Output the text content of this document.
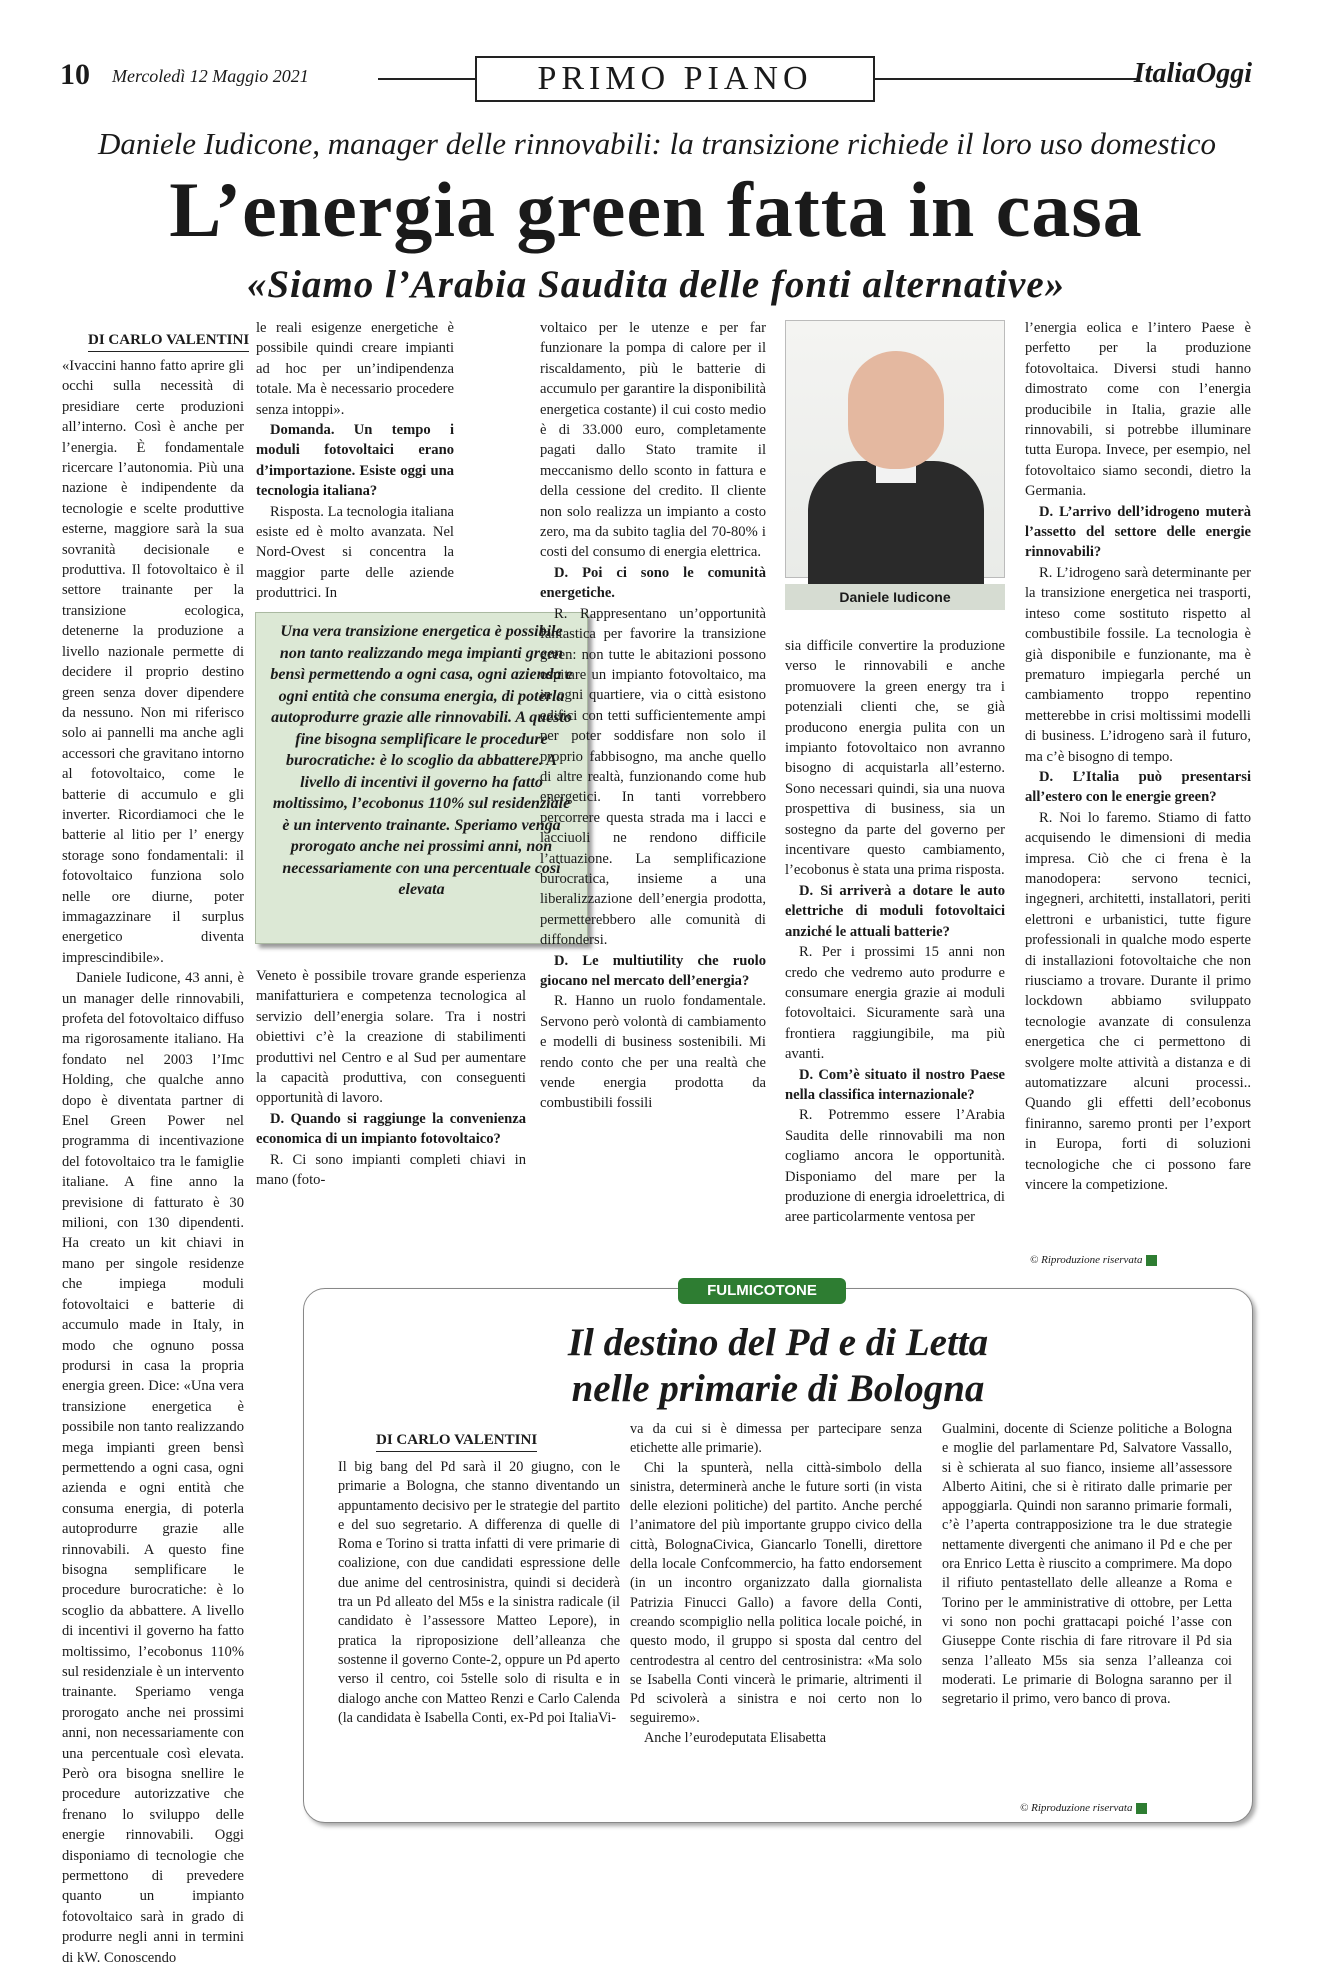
10 Mercoledì 12 Maggio 2021	PRIMO PIANO	ItaliaOggi
Daniele Iudicone, manager delle rinnovabili: la transizione richiede il loro uso domestico
L’energia green fatta in casa
«Siamo l’Arabia Saudita delle fonti alternative»
DI CARLO VALENTINI

«Ivaccini hanno fatto aprire gli occhi sulla necessità di presidiare certe produzioni all’interno. Così è anche per l’energia. È fondamentale ricercare l’autonomia. Più una nazione è indipendente da tecnologie e scelte produttive esterne, maggiore sarà la sua sovranità decisionale e produttiva. Il fotovoltaico è il settore trainante per la transizione ecologica, detenerne la produzione a livello nazionale permette di decidere il proprio destino green senza dover dipendere da nessuno. Non mi riferisco solo ai pannelli ma anche agli accessori che gravitano intorno al fotovoltaico, come le batterie di accumulo e gli inverter. Ricordiamoci che le batterie al litio per l’ energy storage sono fondamentali: il fotovoltaico funziona solo nelle ore diurne, poter immagazzinare il surplus energetico diventa imprescindibile».

Daniele Iudicone, 43 anni, è un manager delle rinnovabili, profeta del fotovoltaico diffuso ma rigorosamente italiano. Ha fondato nel 2003 l’Imc Holding, che qualche anno dopo è diventata partner di Enel Green Power nel programma di incentivazione del fotovoltaico tra le famiglie italiane. A fine anno la previsione di fatturato è 30 milioni, con 130 dipendenti. Ha creato un kit chiavi in mano per singole residenze che impiega moduli fotovoltaici e batterie di accumulo made in Italy, in modo che ognuno possa prodursi in casa la propria energia green. Dice: «Una vera transizione energetica è possibile non tanto realizzando mega impianti green bensì permettendo a ogni casa, ogni azienda e ogni entità che consuma energia, di poterla autoprodurre grazie alle rinnovabili. A questo fine bisogna semplificare le procedure burocratiche: è lo scoglio da abbattere. A livello di incentivi il governo ha fatto moltissimo, l’ecobonus 110% sul residenziale è un intervento trainante. Speriamo venga prorogato anche nei prossimi anni, non necessariamente con una percentuale così elevata. Però ora bisogna snellire le procedure autorizzative che frenano lo sviluppo delle energie rinnovabili. Oggi disponiamo di tecnologie che permettono di prevedere quanto un impianto fotovoltaico sarà in grado di produrre negli anni in termini di kW. Conoscendo

le reali esigenze energetiche è possibile quindi creare impianti ad hoc per un’indipendenza totale. Ma è necessario procedere senza intoppi».

Domanda. Un tempo i moduli fotovoltaici erano d’importazione. Esiste oggi una tecnologia italiana?

Risposta. La tecnologia italiana esiste ed è molto avanzata. Nel Nord-Ovest si concentra la maggior parte delle aziende produttrici. In

Una vera transizione energetica è possibile non tanto realizzando mega impianti green bensì permettendo a ogni casa, ogni azienda e ogni entità che consuma energia, di poterla autoprodurre grazie alle rinnovabili. A questo fine bisogna semplificare le procedure burocratiche: è lo scoglio da abbattere. A livello di incentivi il governo ha fatto moltissimo, l’ecobonus 110% sul residenziale è un intervento trainante. Speriamo venga prorogato anche nei prossimi anni, non necessariamente con una percentuale così elevata

Veneto è possibile trovare grande esperienza manifatturiera e competenza tecnologica al servizio dell’energia solare. Tra i nostri obiettivi c’è la creazione di stabilimenti produttivi nel Centro e al Sud per aumentare la capacità produttiva, con conseguenti opportunità di lavoro.

D. Quando si raggiunge la convenienza economica di un impianto fotovoltaico?

R. Ci sono impianti completi chiavi in mano (foto-

voltaico per le utenze e per far funzionare la pompa di calore per il riscaldamento, più le batterie di accumulo per garantire la disponibilità energetica costante) il cui costo medio è di 33.000 euro, completamente pagati dallo Stato tramite il meccanismo dello sconto in fattura e della cessione del credito. Il cliente non solo realizza un impianto a costo zero, ma da subito taglia del 70-80% i costi del consumo di energia elettrica.

D. Poi ci sono le comunità energetiche.

R. Rappresentano un’opportunità fantastica per favorire la transizione green: non tutte le abitazioni possono ospitare un impianto fotovoltaico, ma in ogni quartiere, via o città esistono edifici con tetti sufficientemente ampi per poter soddisfare non solo il proprio fabbisogno, ma anche quello di altre realtà, funzionando come hub energetici. In tanti vorrebbero percorrere questa strada ma i lacci e lacciuoli ne rendono difficile l’attuazione. La semplificazione burocratica, insieme a una liberalizzazione dell’energia prodotta, permetterebbero alle comunità di diffondersi.

D. Le multiutility che ruolo giocano nel mercato dell’energia?

R. Hanno un ruolo fondamentale. Servono però volontà di cambiamento e modelli di business sostenibili. Mi rendo conto che per una realtà che vende energia prodotta da combustibili fossili

Daniele Iudicone

sia difficile convertire la produzione verso le rinnovabili e anche promuovere la green energy tra i potenziali clienti che, se già producono energia pulita con un impianto fotovoltaico non avranno bisogno di acquistarla all’esterno. Sono necessari quindi, sia una nuova prospettiva di business, sia un sostegno da parte del governo per incentivare questo cambiamento, l’ecobonus è stata una prima risposta.

D. Si arriverà a dotare le auto elettriche di moduli fotovoltaici anziché le attuali batterie?

R. Per i prossimi 15 anni non credo che vedremo auto produrre e consumare energia grazie ai moduli fotovoltaici. Sicuramente sarà una frontiera raggiungibile, ma più avanti.

D. Com’è situato il nostro Paese nella classifica internazionale?

R. Potremmo essere l’Arabia Saudita delle rinnovabili ma non cogliamo ancora le opportunità. Disponiamo del mare per la produzione di energia idroelettrica, di aree particolarmente ventosa per

l’energia eolica e l’intero Paese è perfetto per la produzione fotovoltaica. Diversi studi hanno dimostrato come con l’energia producibile in Italia, grazie alle rinnovabili, si potrebbe illuminare tutta Europa. Invece, per esempio, nel fotovoltaico siamo secondi, dietro la Germania.

D. L’arrivo dell’idrogeno muterà l’assetto del settore delle energie rinnovabili?

R. L’idrogeno sarà determinante per la transizione energetica nei trasporti, inteso come sostituto rispetto al combustibile fossile. La tecnologia è già disponibile e funzionante, ma è prematuro impiegarla perché un cambiamento troppo repentino metterebbe in crisi moltissimi modelli di business. L’idrogeno sarà il futuro, ma c’è bisogno di tempo.

D. L’Italia può presentarsi all’estero con le energie green?

R. Noi lo faremo. Stiamo di fatto acquisendo le dimensioni di media impresa. Ciò che ci frena è la manodopera: servono tecnici, ingegneri, architetti, installatori, periti elettroni e urbanistici, tutte figure professionali in qualche modo esperte di installazioni fotovoltaiche che non riusciamo a trovare. Durante il primo lockdown abbiamo sviluppato tecnologie avanzate di consulenza energetica che ci permettono di svolgere molte attività a distanza e di automatizzare alcuni processi.. Quando gli effetti dell’ecobonus finiranno, saremo pronti per l’export in Europa, forti di soluzioni tecnologiche che ci possono fare vincere la competizione.

© Riproduzione riservata
FULMICOTONE
Il destino del Pd e di Letta
nelle primarie di Bologna
DI CARLO VALENTINI

Il big bang del Pd sarà il 20 giugno, con le primarie a Bologna, che stanno diventando un appuntamento decisivo per le strategie del partito e del suo segretario. A differenza di quelle di Roma e Torino si tratta infatti di vere primarie di coalizione, con due candidati espressione delle due anime del centrosinistra, quindi si deciderà tra un Pd alleato del M5s e la sinistra radicale (il candidato è l’assessore Matteo Lepore), in pratica la riproposizione dell’alleanza che sostenne il governo Conte-2, oppure un Pd aperto verso il centro, coi 5stelle solo di risulta e in dialogo anche con Matteo Renzi e Carlo Calenda (la candidata è Isabella Conti, ex-Pd poi ItaliaVi-

va da cui si è dimessa per partecipare senza etichette alle primarie).

Chi la spunterà, nella città-simbolo della sinistra, determinerà anche le future sorti (in vista delle elezioni politiche) del partito. Anche perché l’animatore del più importante gruppo civico della città, BolognaCivica, Giancarlo Tonelli, direttore della locale Confcommercio, ha fatto endorsement (in un incontro organizzato dalla giornalista Patrizia Finucci Gallo) a favore della Conti, creando scompiglio nella politica locale poiché, in questo modo, il gruppo si sposta dal centro del centrodestra al centro del centrosinistra: «Ma solo se Isabella Conti vincerà le primarie, altrimenti il Pd scivolerà a sinistra e noi certo non lo seguiremo».

Anche l’eurodeputata Elisabetta

Gualmini, docente di Scienze politiche a Bologna e moglie del parlamentare Pd, Salvatore Vassallo, si è schierata al suo fianco, insieme all’assessore Alberto Aitini, che si è ritirato dalle primarie per appoggiarla. Quindi non saranno primarie formali, c’è l’aperta contrapposizione tra le due strategie nettamente divergenti che animano il Pd e che per ora Enrico Letta è riuscito a comprimere. Ma dopo il rifiuto pentastellato delle alleanze a Roma e Torino per le amministrative di ottobre, per Letta vi sono non pochi grattacapi poiché l’asse con Giuseppe Conte rischia di fare ritrovare il Pd sia senza l’alleato M5s sia senza l’alleanza coi moderati. Le primarie di Bologna saranno per il segretario il primo, vero banco di prova.

© Riproduzione riservata
